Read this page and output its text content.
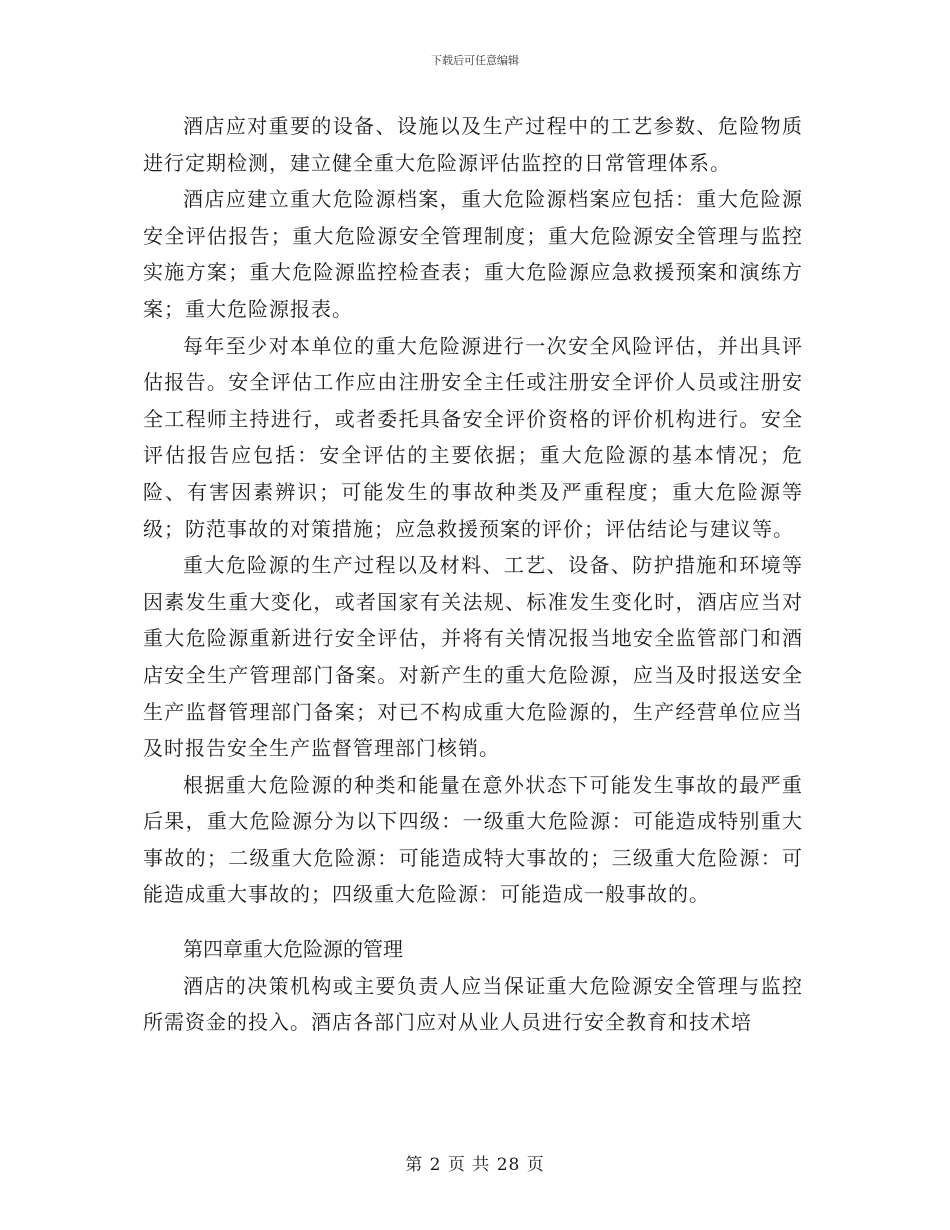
下载后可任意编辑

酒店应对重要的设备、设施以及生产过程中的工艺参数、危险物质进行定期检测，建立健全重大危险源评估监控的日常管理体系。

酒店应建立重大危险源档案，重大危险源档案应包括：重大危险源安全评估报告；重大危险源安全管理制度；重大危险源安全管理与监控实施方案；重大危险源监控检查表；重大危险源应急救援预案和演练方案；重大危险源报表。

每年至少对本单位的重大危险源进行一次安全风险评估，并出具评估报告。安全评估工作应由注册安全主任或注册安全评价人员或注册安全工程师主持进行，或者委托具备安全评价资格的评价机构进行。安全评估报告应包括：安全评估的主要依据；重大危险源的基本情况；危险、有害因素辨识；可能发生的事故种类及严重程度；重大危险源等级；防范事故的对策措施；应急救援预案的评价；评估结论与建议等。

重大危险源的生产过程以及材料、工艺、设备、防护措施和环境等因素发生重大变化，或者国家有关法规、标准发生变化时，酒店应当对重大危险源重新进行安全评估，并将有关情况报当地安全监管部门和酒店安全生产管理部门备案。对新产生的重大危险源，应当及时报送安全生产监督管理部门备案；对已不构成重大危险源的，生产经营单位应当及时报告安全生产监督管理部门核销。

根据重大危险源的种类和能量在意外状态下可能发生事故的最严重后果，重大危险源分为以下四级：一级重大危险源：可能造成特别重大事故的；二级重大危险源：可能造成特大事故的；三级重大危险源：可能造成重大事故的；四级重大危险源：可能造成一般事故的。

第四章重大危险源的管理

酒店的决策机构或主要负责人应当保证重大危险源安全管理与监控所需资金的投入。酒店各部门应对从业人员进行安全教育和技术培

第 2 页 共 28 页
